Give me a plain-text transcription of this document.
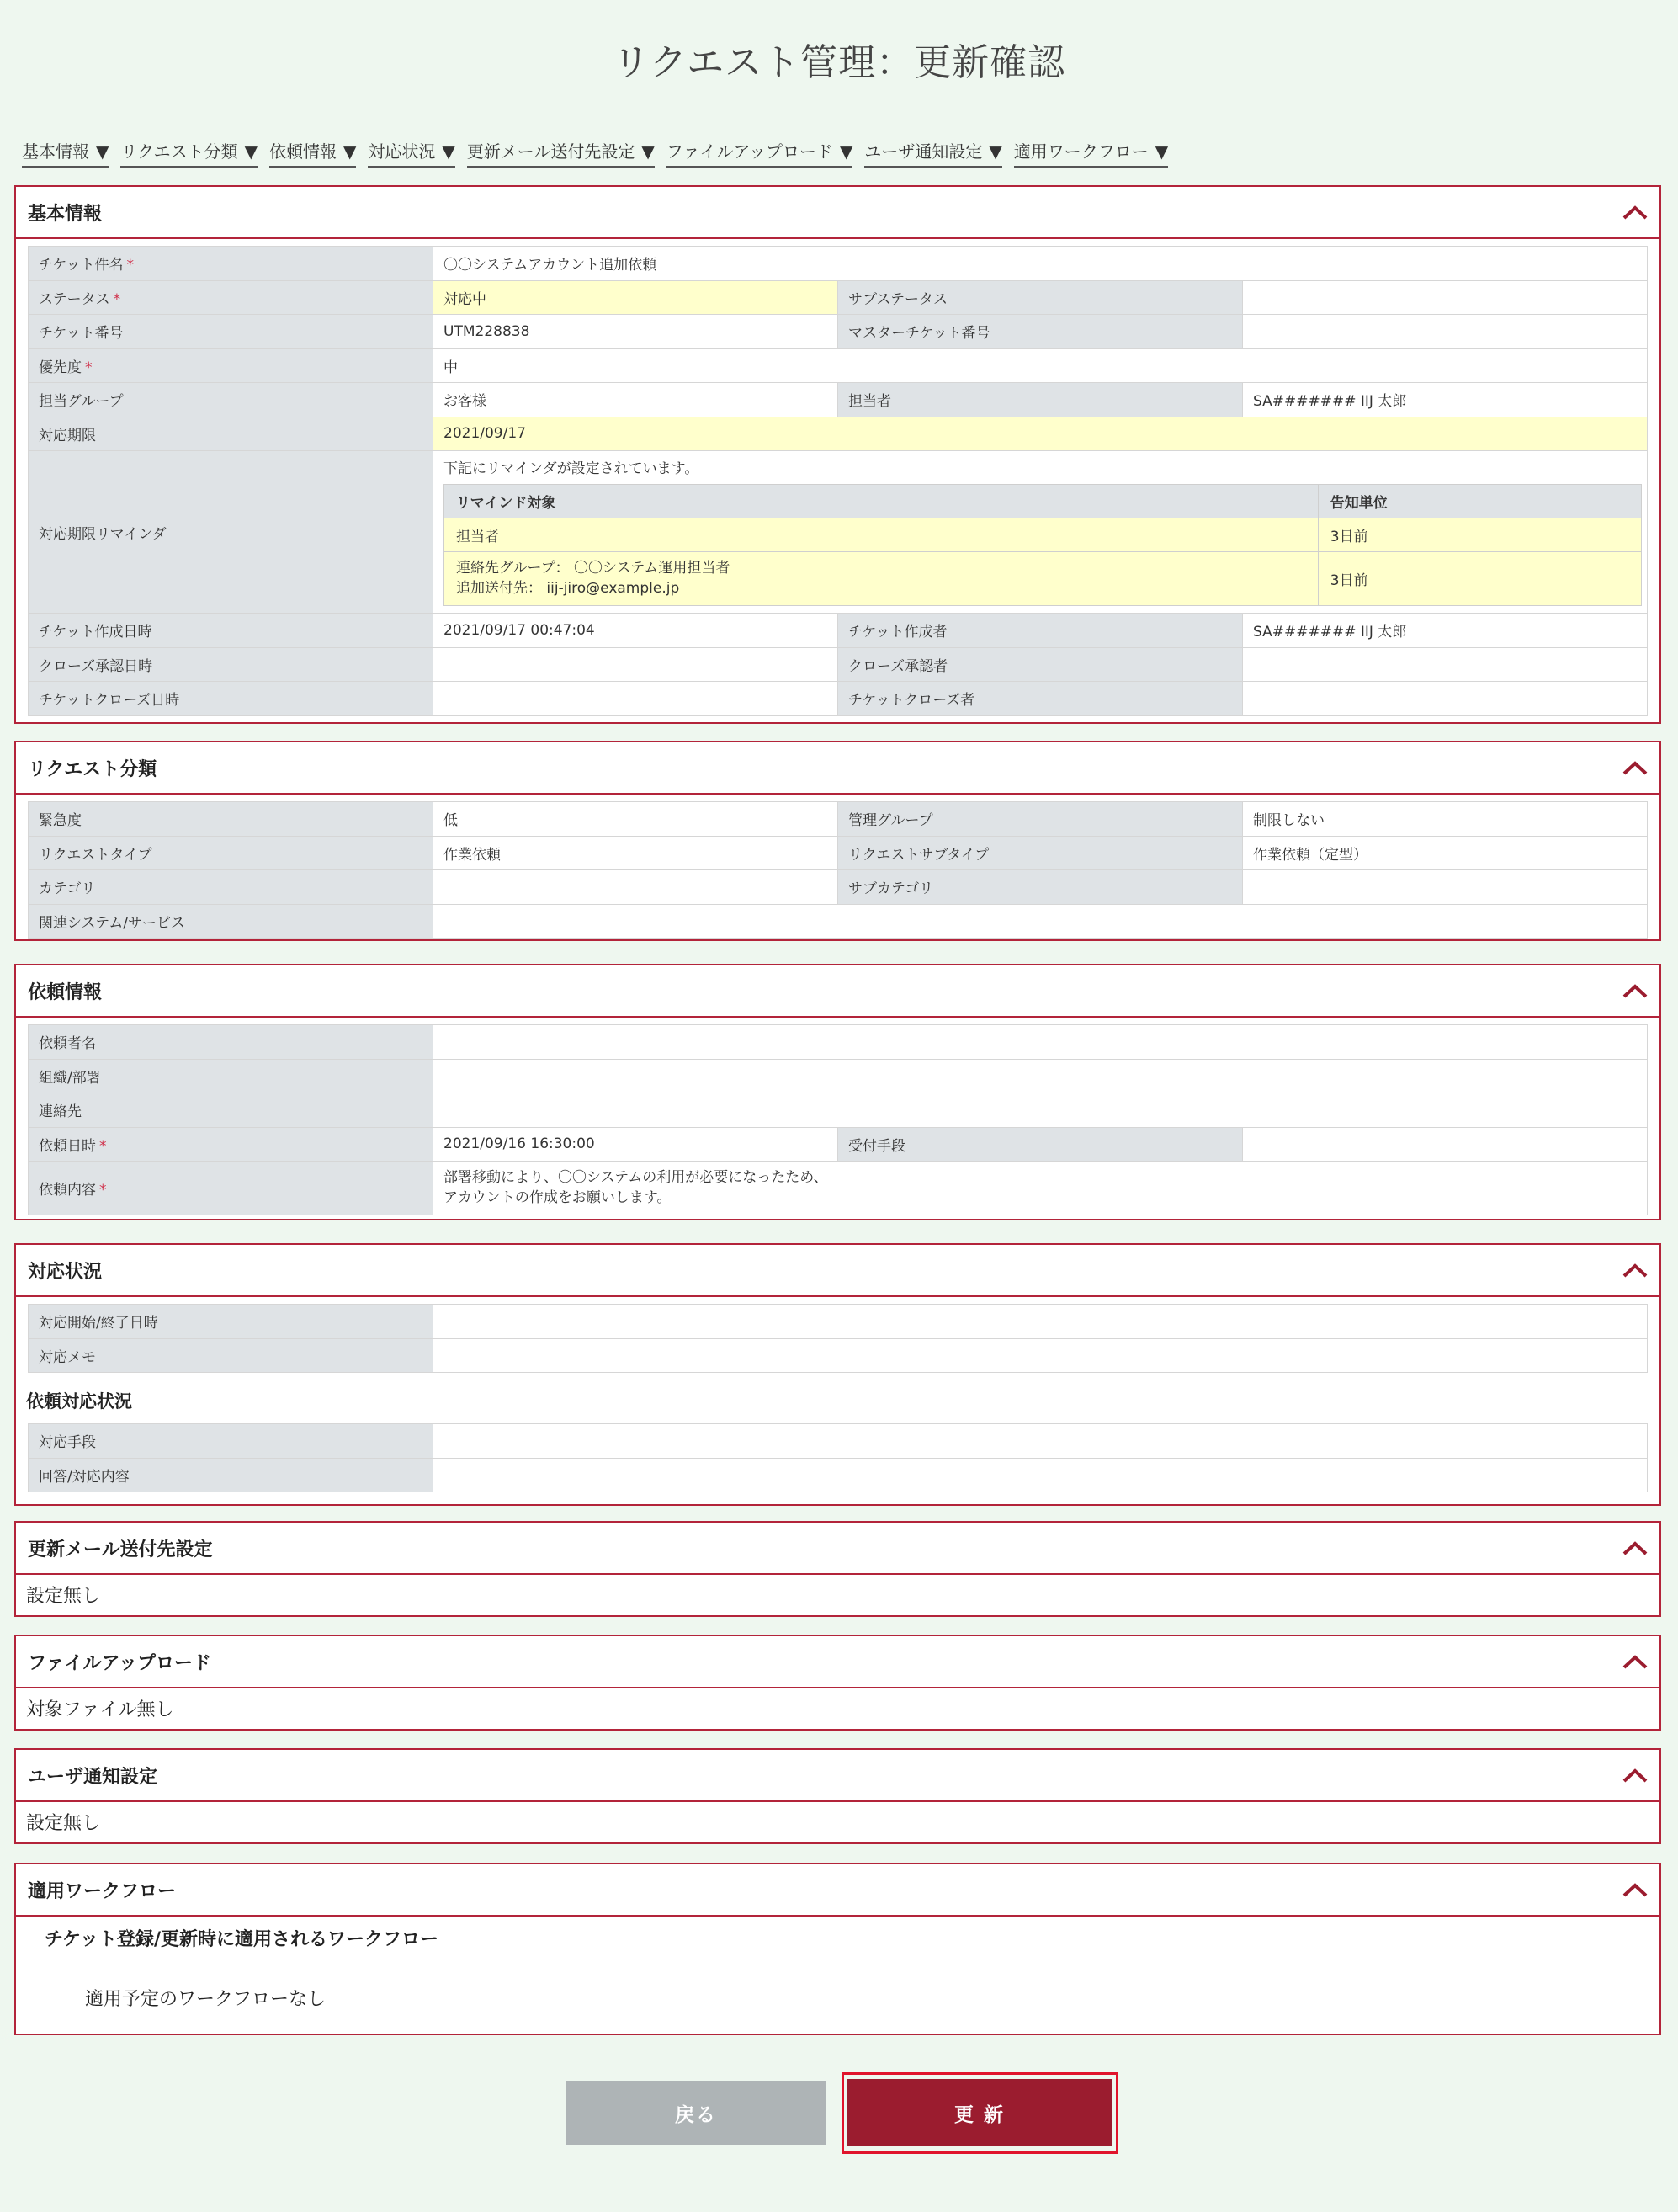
リクエスト管理：更新確認
基本情報 ▼ リクエスト分類 ▼ 依頼情報 ▼ 対応状況 ▼ 更新メール送付先設定 ▼ ファイルアップロード ▼ ユーザ通知設定 ▼ 適用ワークフロー ▼
基本情報
チケット件名 *	〇〇システムアカウント追加依頼
ステータス *	対応中	サブステータス	
チケット番号	UTM228838	マスターチケット番号	
優先度 *	中
担当グループ	お客様	担当者	SA####### IIJ 太郎
対応期限	2021/09/17
対応期限リマインダ	
下記にリマインダが設定されています。
リマインド対象	告知単位
担当者	3日前

連絡先グループ： 〇〇システム運用担当者
追加送付先： iij-jiro@example.jp	3日前

チケット作成日時	2021/09/17 00:47:04	チケット作成者	SA####### IIJ 太郎
クローズ承認日時		クローズ承認者	
チケットクローズ日時		チケットクローズ者	
リクエスト分類
緊急度	低	管理グループ	制限しない
リクエストタイプ	作業依頼	リクエストサブタイプ	作業依頼（定型）
カテゴリ		サブカテゴリ	
関連システム/サービス			
依頼情報
依頼者名			
組織/部署			
連絡先			
依頼日時 *	2021/09/16 16:30:00	受付手段	
依頼内容 *	部署移動により、〇〇システムの利用が必要になったため、
アカウントの作成をお願いします。		
対応状況
対応開始/終了日時	
対応メモ	
依頼対応状況
対応手段	
回答/対応内容	
更新メール送付先設定
設定無し
ファイルアップロード
対象ファイル無し
ユーザ通知設定
設定無し
適用ワークフロー
チケット登録/更新時に適用されるワークフロー
適用予定のワークフローなし
戻る	更 新
